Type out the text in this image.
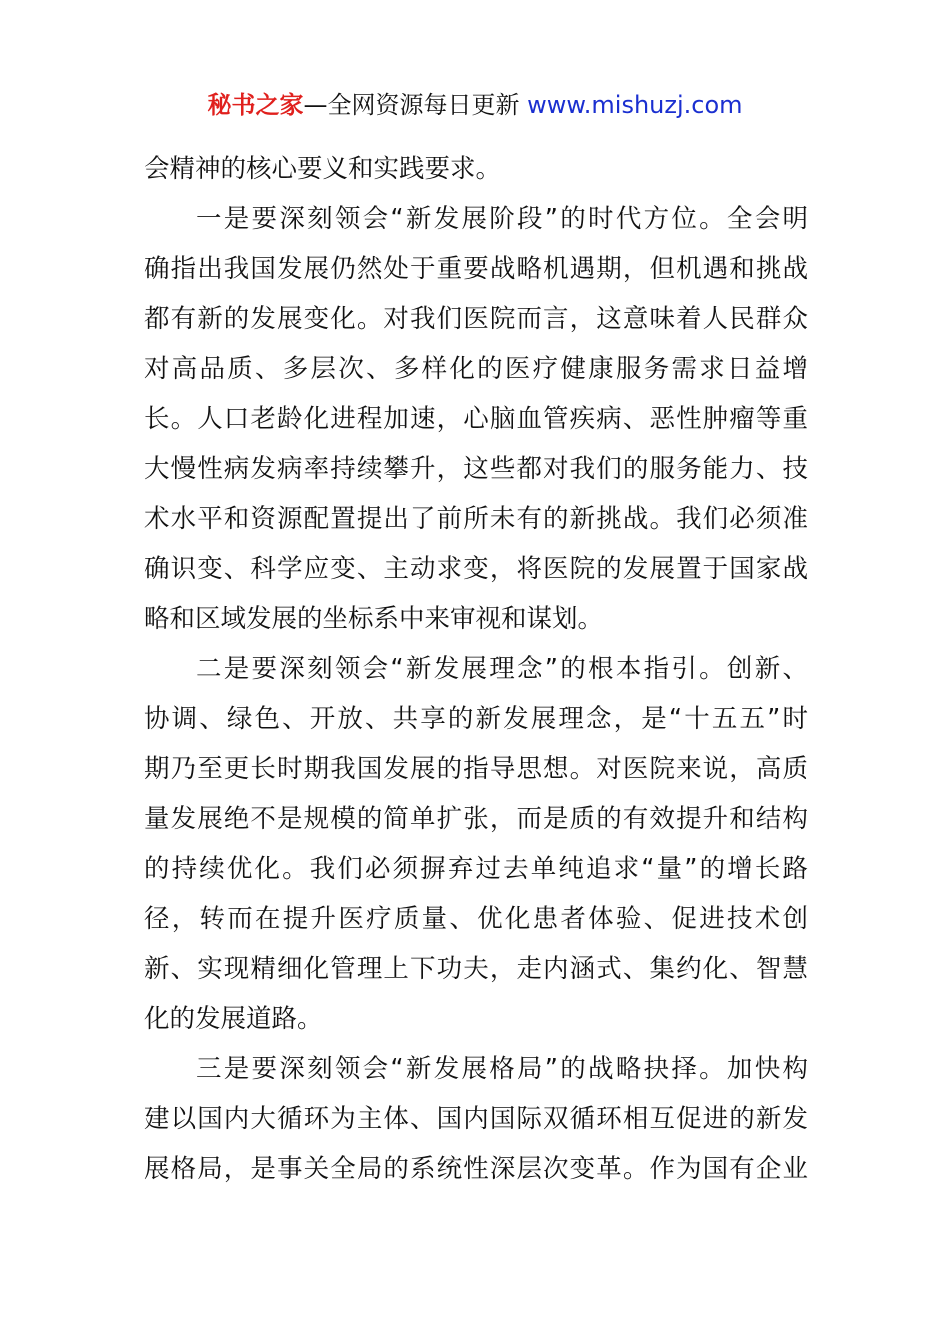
秘书之家—全网资源每日更新 www.mishuzj.com
会精神的核心要义和实践要求。
一是要深刻领会“新发展阶段”的时代方位。全会明
确指出我国发展仍然处于重要战略机遇期，但机遇和挑战
都有新的发展变化。对我们医院而言，这意味着人民群众
对高品质、多层次、多样化的医疗健康服务需求日益增
长。人口老龄化进程加速，心脑血管疾病、恶性肿瘤等重
大慢性病发病率持续攀升，这些都对我们的服务能力、技
术水平和资源配置提出了前所未有的新挑战。我们必须准
确识变、科学应变、主动求变，将医院的发展置于国家战
略和区域发展的坐标系中来审视和谋划。
二是要深刻领会“新发展理念”的根本指引。创新、
协调、绿色、开放、共享的新发展理念，是“十五五”时
期乃至更长时期我国发展的指导思想。对医院来说，高质
量发展绝不是规模的简单扩张，而是质的有效提升和结构
的持续优化。我们必须摒弃过去单纯追求“量”的增长路
径，转而在提升医疗质量、优化患者体验、促进技术创
新、实现精细化管理上下功夫，走内涵式、集约化、智慧
化的发展道路。
三是要深刻领会“新发展格局”的战略抉择。加快构
建以国内大循环为主体、国内国际双循环相互促进的新发
展格局，是事关全局的系统性深层次变革。作为国有企业
